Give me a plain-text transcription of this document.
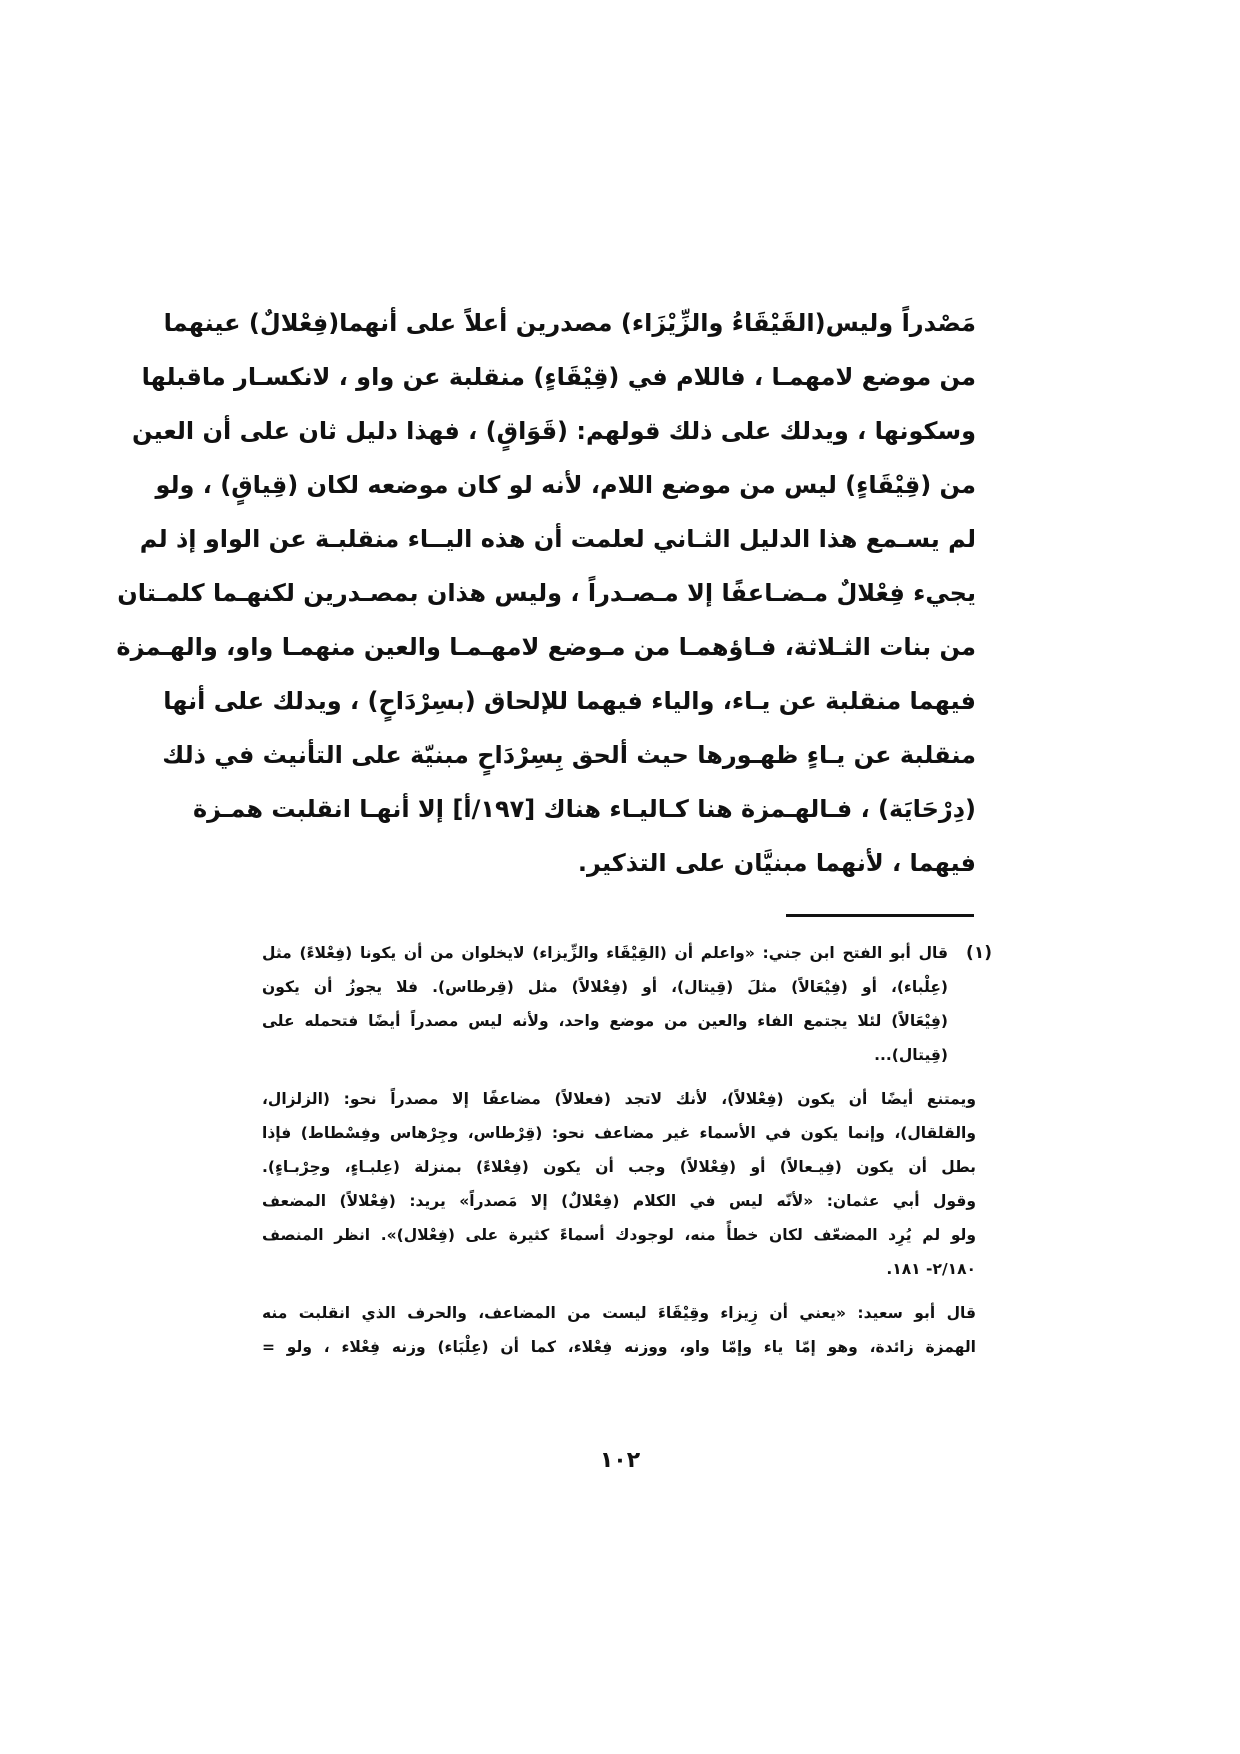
مَصْدراً وليس(القَيْقَاءُ والزِّيْزَاء) مصدرين أعلاً على أنهما(فِعْلالٌ) عينهما
من موضع لامهمـا ، فاللام في (قِيْقَاءٍ) منقلبة عن واو ، لانكسـار ماقبلها
وسكونها ، ويدلك على ذلك قولهم: (قَوَاقٍ) ، فهذا دليل ثان على أن العين
من (قِيْقَاءٍ) ليس من موضع اللام، لأنه لو كان موضعه لكان (قِياقٍ) ، ولو
لم يسـمع هذا الدليل الثـاني لعلمت أن هذه اليــاء منقلبـة عن الواو إذ لم
يجيء فِعْلالٌ مـضـاعفًا إلا مـصـدراً ، وليس هذان بمصـدرين لكنهـما كلمـتان
من بنات الثـلاثة، فـاؤهمـا من مـوضع لامهـمـا والعين منهمـا واو، والهـمزة
فيهما منقلبة عن يـاء، والياء فيهما للإلحاق (بسِرْدَاحٍ) ، ويدلك على أنها
منقلبة عن يـاءٍ ظهـورها حيث ألحق بِسِرْدَاحٍ مبنيّة على التأنيث في ذلك
(دِرْحَايَة) ، فـالهـمزة هنا كـاليـاء هناك [١٩٧/أ] إلا أنهـا انقلبت همـزة
فيهما ، لأنهما مبنيَّان على التذكير.
(١)
قال أبو الفتح ابن جني: «واعلم أن (القِيْقَاء والزِّيزاء) لايخلوان من أن يكونا (فِعْلاءً) مثل
(عِلْباء)، أو (فِيْعَالاً) مثلَ (قِيتال)، أو (فِعْلالاً) مثل (قِرطاس). فلا يجوزُ أن يكون
(فِيْعَالاً) لئلا يجتمع الفاء والعين من موضع واحد، ولأنه ليس مصدراً أيضًا فتحمله على
(قِيتال)...
ويمتنع أيضًا أن يكون (فِعْلالاً)، لأنك لاتجد (فعلالاً) مضاعفًا إلا مصدراً نحو: (الزلزال،
والقلقال)، وإنما يكون في الأسماء غير مضاعف نحو: (قِرْطاس، وجِرْهاس وفِسْطاط) فإذا
بطل أن يكون (فِيـعالاً) أو (فِعْلالاً) وجب أن يكون (فِعْلاءً) بمنزلة (عِلبـاءٍ، وحِرْبـاءٍ).
وقول أبي عثمان: «لأنّه ليس في الكلام (فِعْلالٌ) إلا مَصدراً» يريد: (فِعْلالاً) المضعف
ولو لم يُرِد المضعّف لكان خطأً منه، لوجودك أسماءً كثيرة على (فِعْلال)». انظر المنصف
٢/١٨٠- ١٨١.
قال أبو سعيد: «يعني أن زِيزاء وقِيْقَاءَ ليست من المضاعف، والحرف الذي انقلبت منه
الهمزة زائدة، وهو إمّا ياء وإمّا واو، ووزنه فِعْلاء، كما أن (عِلْبَاء) وزنه فِعْلاء ، ولو =
١٠٢
